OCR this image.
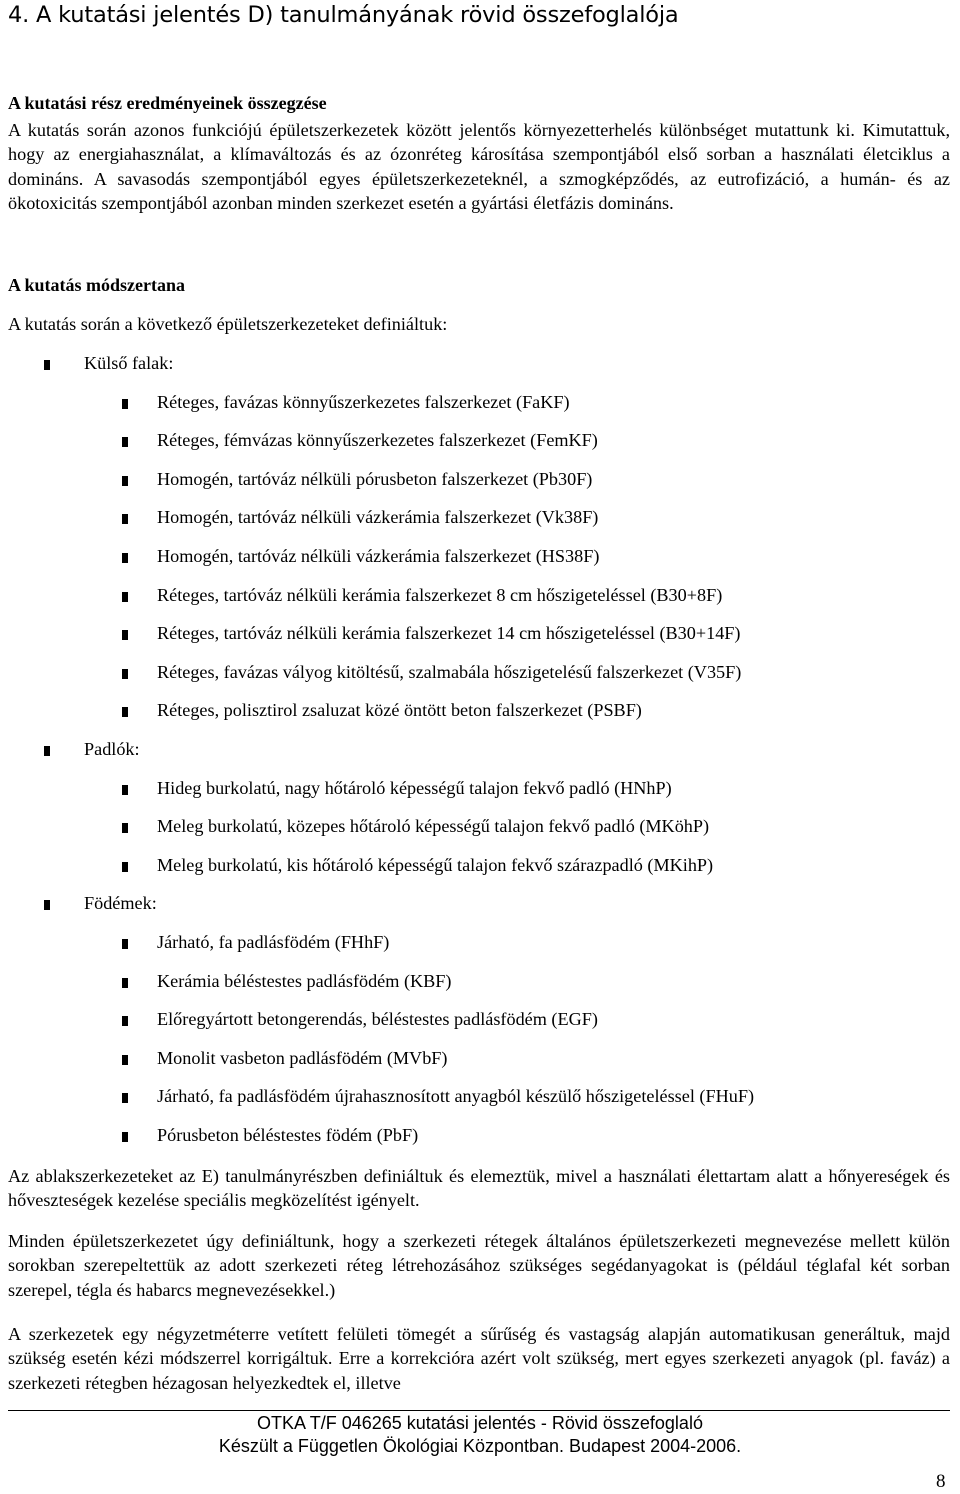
4. A kutatási jelentés D) tanulmányának rövid összefoglalója
A kutatási rész eredményeinek összegzése
A kutatás során azonos funkciójú épületszerkezetek között jelentős környezetterhelés különbséget mutattunk ki. Kimutattuk, hogy az energiahasználat, a klímaváltozás és az ózonréteg károsítása szempontjából első sorban a használati életciklus a domináns. A savasodás szempontjából egyes épületszerkezeteknél, a szmogképződés, az eutrofizáció, a humán- és az ökotoxicitás szempontjából azonban minden szerkezet esetén a gyártási életfázis domináns.
A kutatás módszertana
A kutatás során a következő épületszerkezeteket definiáltuk:
Külső falak:
Réteges, favázas könnyűszerkezetes falszerkezet (FaKF)
Réteges, fémvázas könnyűszerkezetes falszerkezet (FemKF)
Homogén, tartóváz nélküli pórusbeton falszerkezet (Pb30F)
Homogén, tartóváz nélküli vázkerámia falszerkezet (Vk38F)
Homogén, tartóváz nélküli vázkerámia falszerkezet (HS38F)
Réteges, tartóváz nélküli kerámia falszerkezet 8 cm hőszigeteléssel (B30+8F)
Réteges, tartóváz nélküli kerámia falszerkezet 14 cm hőszigeteléssel (B30+14F)
Réteges, favázas vályog kitöltésű, szalmabála hőszigetelésű falszerkezet (V35F)
Réteges, polisztirol zsaluzat közé öntött beton falszerkezet (PSBF)
Padlók:
Hideg burkolatú, nagy hőtároló képességű talajon fekvő padló (HNhP)
Meleg burkolatú, közepes hőtároló képességű talajon fekvő padló (MKöhP)
Meleg burkolatú, kis hőtároló képességű talajon fekvő szárazpadló (MKihP)
Födémek:
Járható, fa padlásfödém (FHhF)
Kerámia béléstestes padlásfödém (KBF)
Előregyártott betongerendás, béléstestes padlásfödém (EGF)
Monolit vasbeton padlásfödém (MVbF)
Járható, fa padlásfödém újrahasznosított anyagból készülő hőszigeteléssel (FHuF)
Pórusbeton béléstestes födém (PbF)
Az ablakszerkezeteket az E) tanulmányrészben definiáltuk és elemeztük, mivel a használati élettartam alatt a hőnyereségek és hőveszteségek kezelése speciális megközelítést igényelt.
Minden épületszerkezetet úgy definiáltunk, hogy a szerkezeti rétegek általános épületszerkezeti megnevezése mellett külön sorokban szerepeltettük az adott szerkezeti réteg létrehozásához szükséges segédanyagokat is (például téglafal két sorban szerepel, tégla és habarcs megnevezésekkel.)
A szerkezetek egy négyzetméterre vetített felületi tömegét a sűrűség és vastagság alapján automatikusan generáltuk, majd szükség esetén kézi módszerrel korrigáltuk. Erre a korrekcióra azért volt szükség, mert egyes szerkezeti anyagok (pl. faváz) a szerkezeti rétegben hézagosan helyezkedtek el, illetve
OTKA T/F 046265 kutatási jelentés - Rövid összefoglaló
Készült a Független Ökológiai Központban. Budapest 2004-2006.
8
